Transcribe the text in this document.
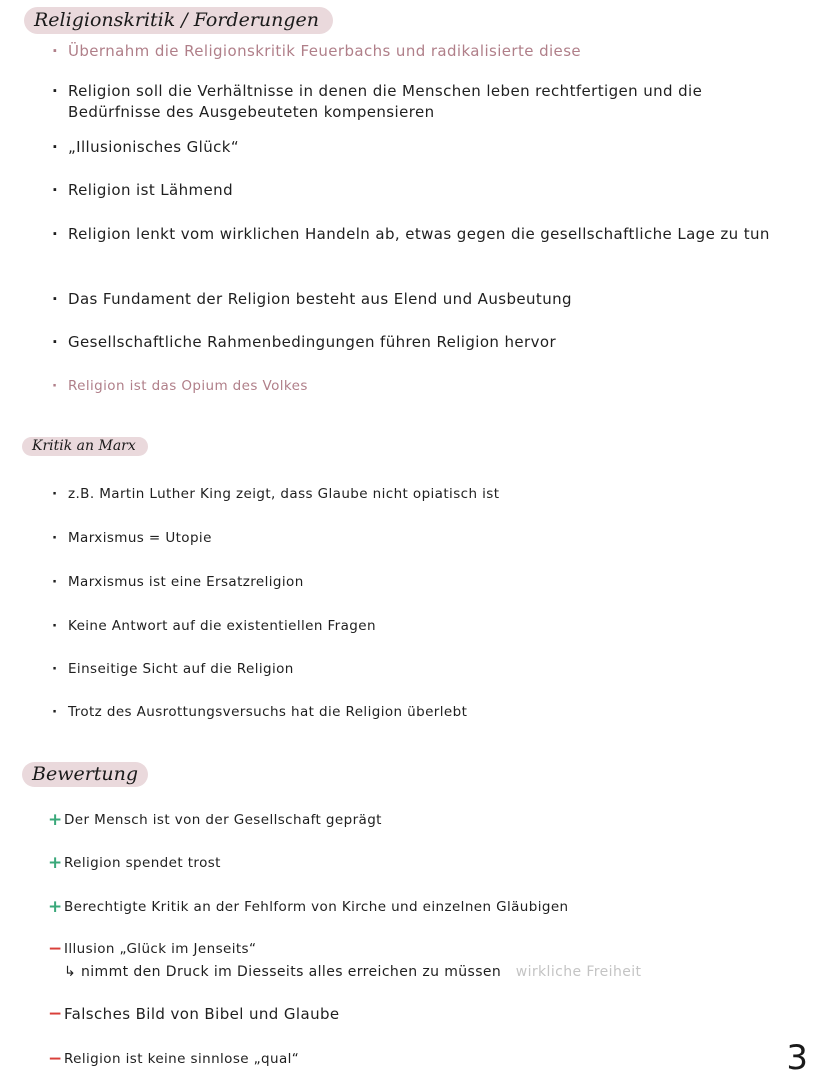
Religionskritik / Forderungen
· Übernahm die Religionskritik Feuerbachs und radikalisierte diese
· Religion soll die Verhältnisse in denen die Menschen leben rechtfertigen und die Bedürfnisse des Ausgebeuteten kompensieren
· „Illusionisches Glück“
· Religion ist Lähmend
· Religion lenkt vom wirklichen Handeln ab, etwas gegen die gesellschaftliche Lage zu tun
· Das Fundament der Religion besteht aus Elend und Ausbeutung
· Gesellschaftliche Rahmenbedingungen führen Religion hervor
· Religion ist das Opium des Volkes
Kritik an Marx
· z.B. Martin Luther King zeigt, dass Glaube nicht opiatisch ist
· Marxismus = Utopie
· Marxismus ist eine Ersatzreligion
· Keine Antwort auf die existentiellen Fragen
· Einseitige Sicht auf die Religion
· Trotz des Ausrottungsversuchs hat die Religion überlebt
Bewertung
+Der Mensch ist von der Gesellschaft geprägt
+Religion spendet trost
+Berechtigte Kritik an der Fehlform von Kirche und einzelnen Gläubigen
−Illusion „Glück im Jenseits“
↳ nimmt den Druck im Diesseits alles erreichen zu müssen wirkliche Freiheit
−Falsches Bild von Bibel und Glaube
−Religion ist keine sinnlose „qual“	3
